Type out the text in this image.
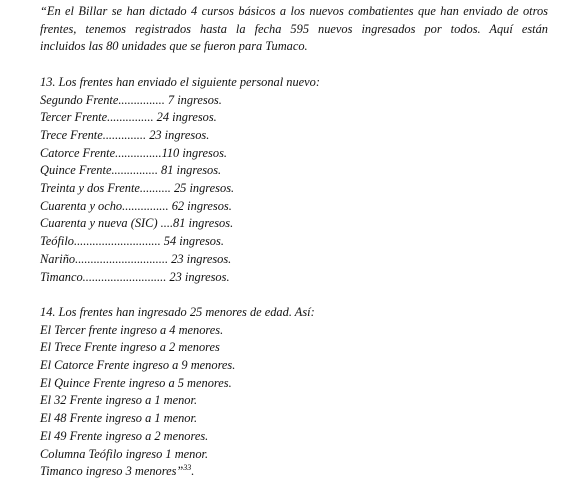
“En el Billar se han dictado 4 cursos básicos a los nuevos combatientes que han enviado de otros
frentes, tenemos registrados hasta la fecha 595 nuevos ingresados por todos. Aquí están
incluidos las 80 unidades que se fueron para Tumaco.
13. Los frentes han enviado el siguiente personal nuevo:
Segundo Frente............... 7 ingresos.
Tercer Frente............... 24 ingresos.
Trece Frente.............. 23 ingresos.
Catorce Frente...............110 ingresos.
Quince Frente............... 81 ingresos.
Treinta y dos Frente.......... 25 ingresos.
Cuarenta y ocho............... 62 ingresos.
Cuarenta y nueva (SIC) ....81 ingresos.
Teófilo............................ 54 ingresos.
Nariño.............................. 23 ingresos.
Timanco........................... 23 ingresos.
14. Los frentes han ingresado 25 menores de edad. Así:
El Tercer frente ingreso a 4 menores.
El Trece Frente ingreso a 2 menores
El Catorce Frente ingreso a 9 menores.
El Quince Frente ingreso a 5 menores.
El 32 Frente ingreso a 1 menor.
El 48 Frente ingreso a 1 menor.
El 49 Frente ingreso a 2 menores.
Columna Teófilo ingreso 1 menor.
Timanco ingreso 3 menores”$^{33}$.
